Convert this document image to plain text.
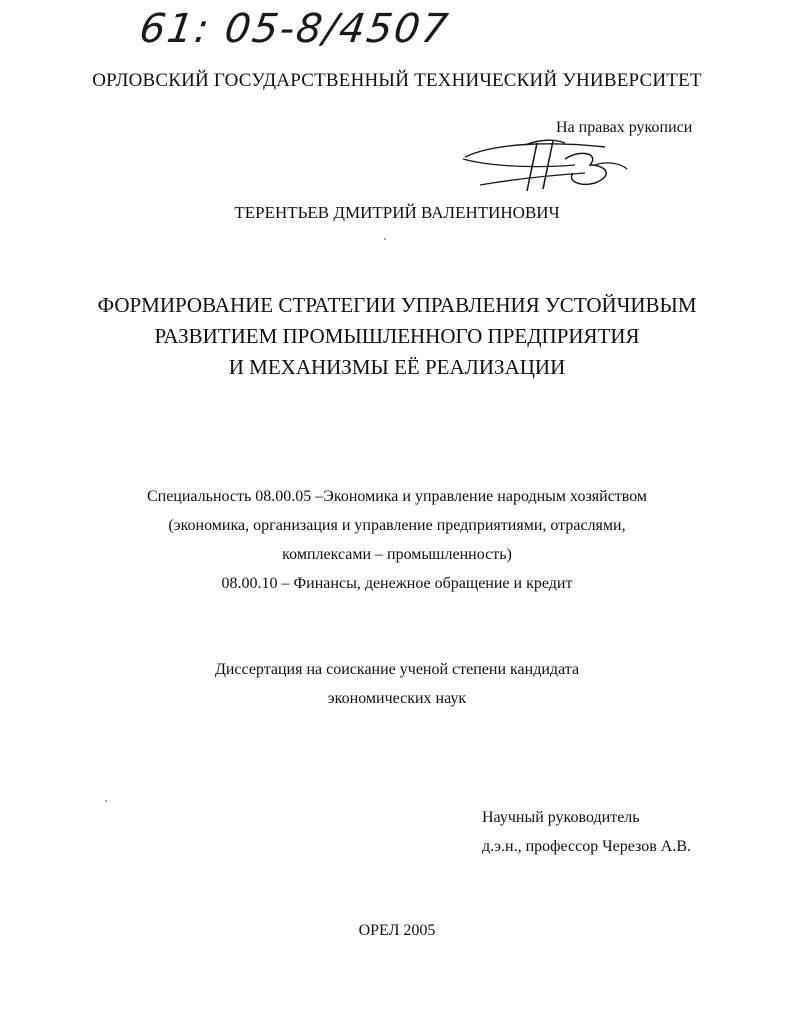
61: 05-8/4507
ОРЛОВСКИЙ ГОСУДАРСТВЕННЫЙ ТЕХНИЧЕСКИЙ УНИВЕРСИТЕТ
На правах рукописи
ТЕРЕНТЬЕВ ДМИТРИЙ ВАЛЕНТИНОВИЧ
ФОРМИРОВАНИЕ СТРАТЕГИИ УПРАВЛЕНИЯ УСТОЙЧИВЫМ
РАЗВИТИЕМ ПРОМЫШЛЕННОГО ПРЕДПРИЯТИЯ
И МЕХАНИЗМЫ ЕЁ РЕАЛИЗАЦИИ
Специальность 08.00.05 –Экономика и управление народным хозяйством
(экономика, организация и управление предприятиями, отраслями,
комплексами – промышленность)
08.00.10 – Финансы, денежное обращение и кредит
Диссертация на соискание ученой степени кандидата
экономических наук
Научный руководитель
д.э.н., профессор Черезов А.В.
ОРЕЛ 2005
